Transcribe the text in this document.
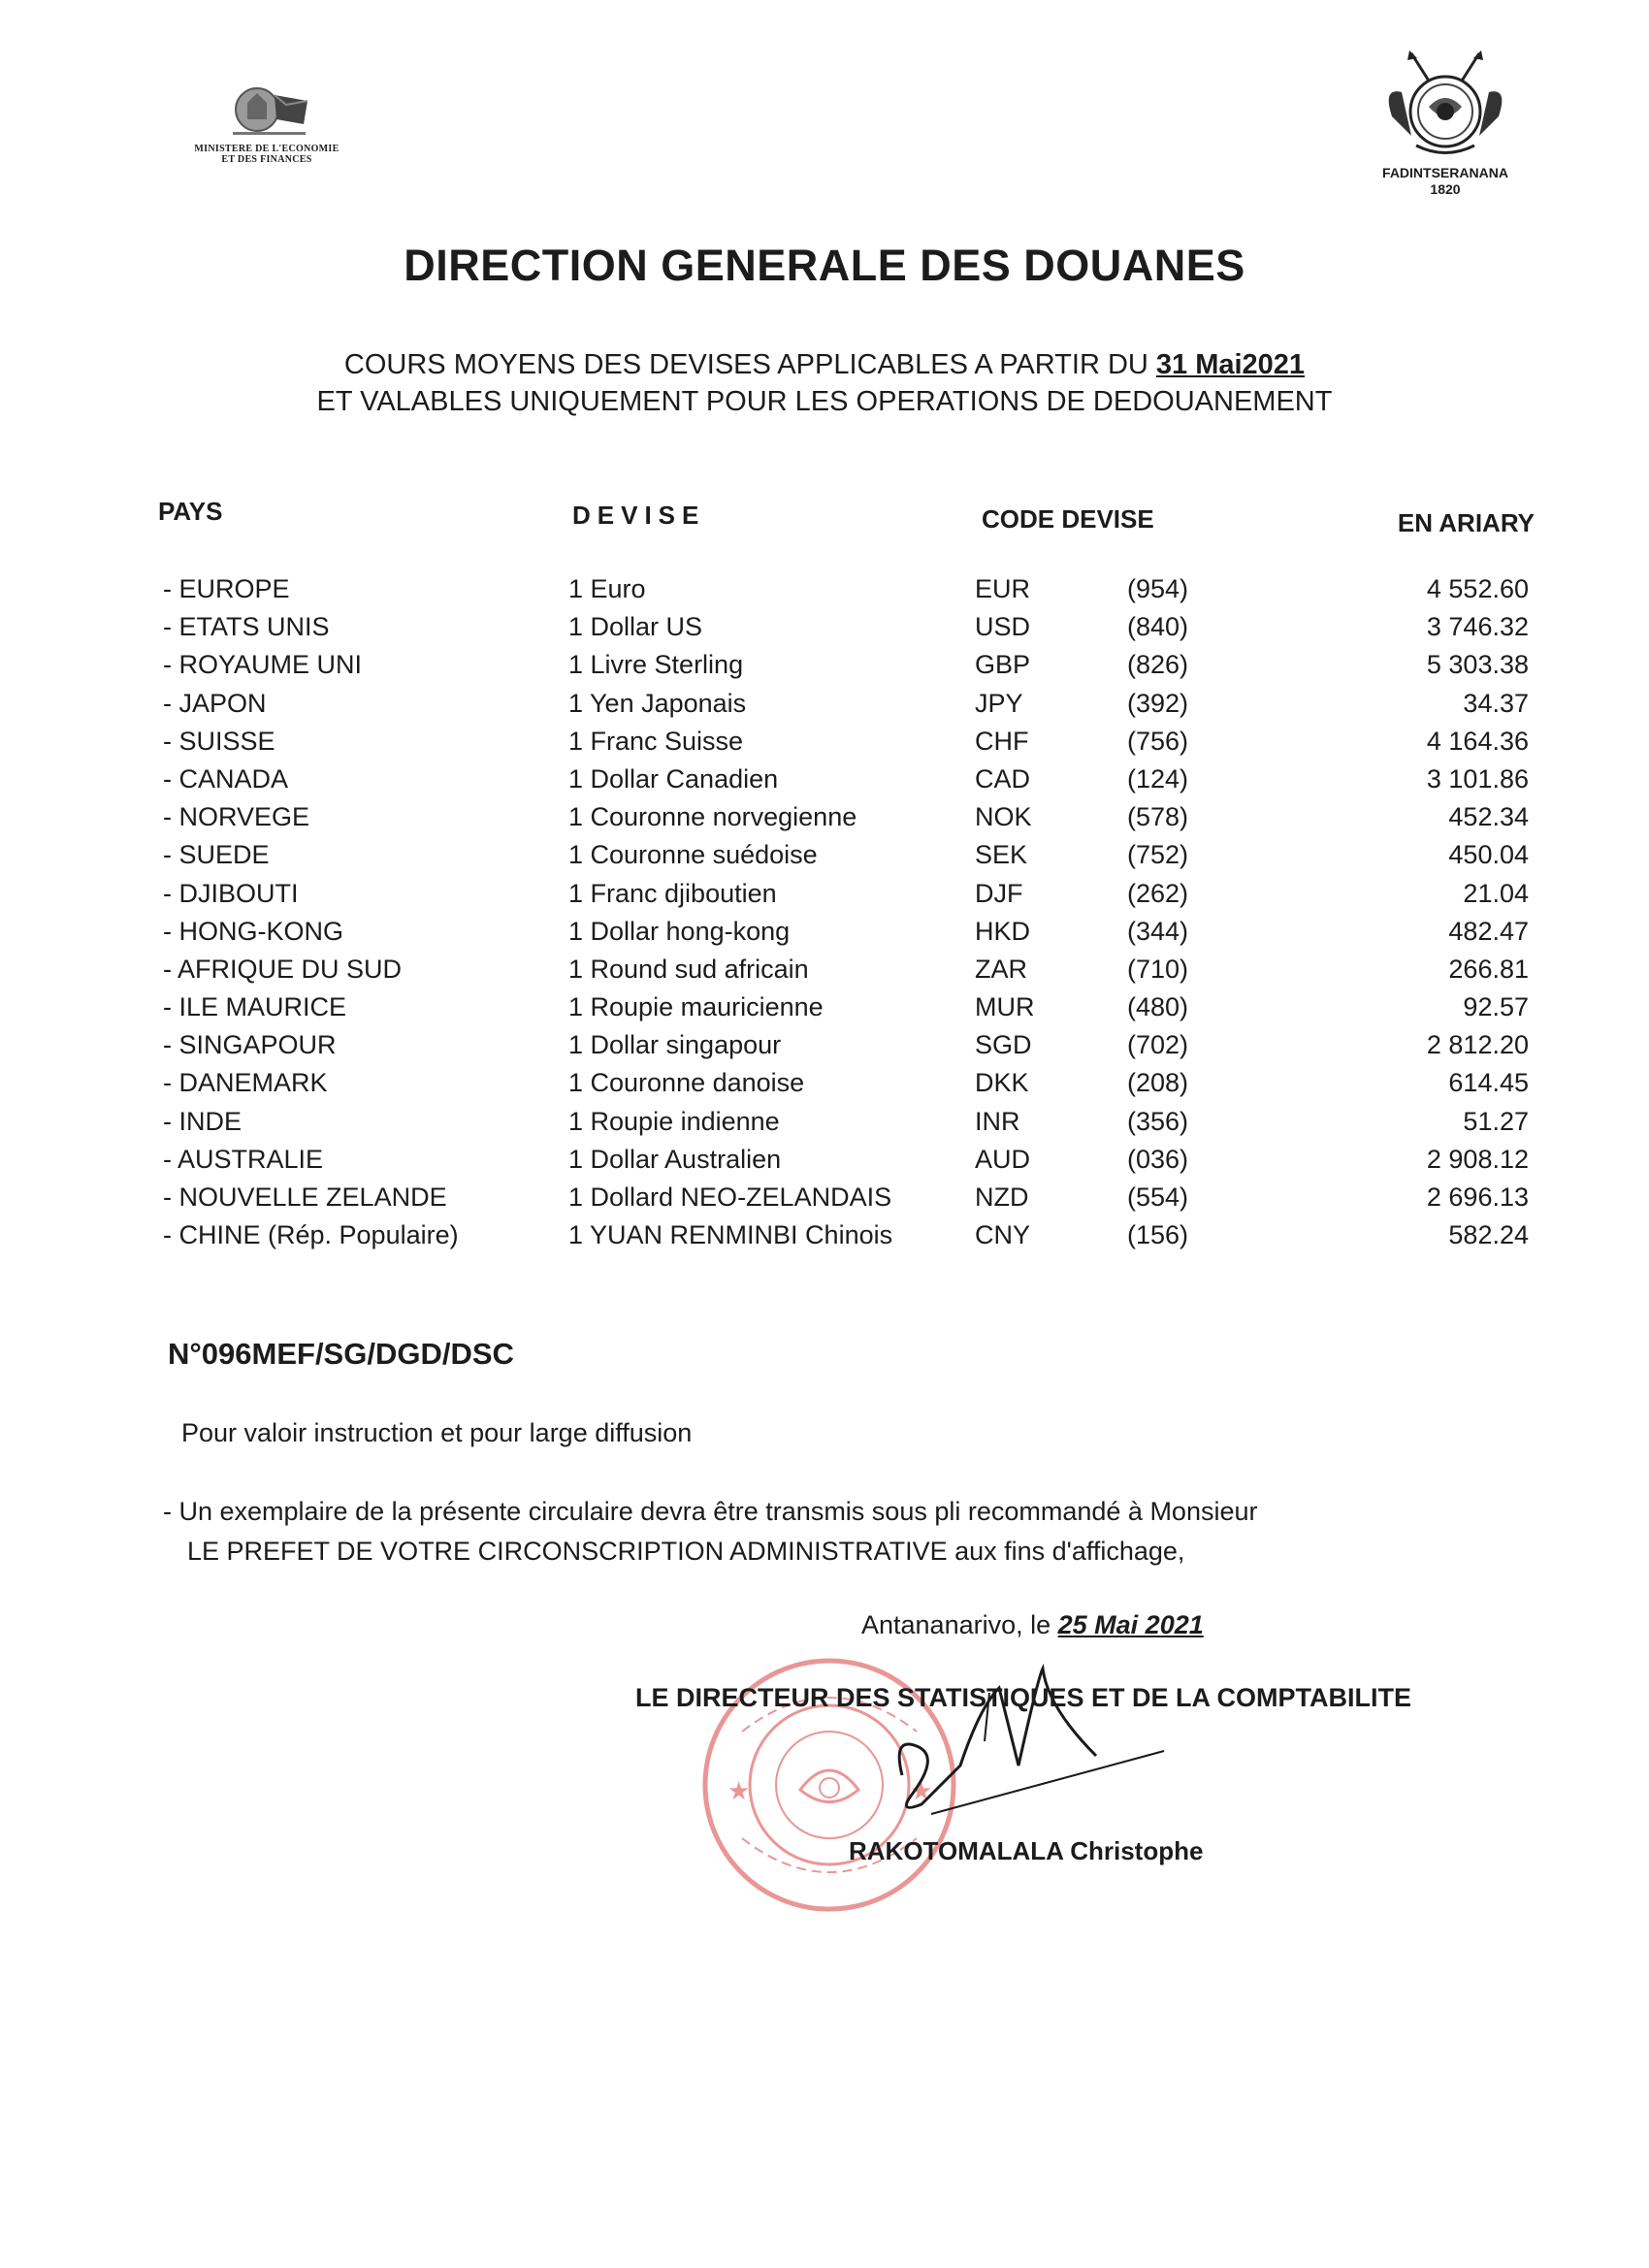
MINISTERE DE L'ECONOMIE
ET DES FINANCES
FADINTSERANANA
1820
DIRECTION GENERALE DES DOUANES
COURS MOYENS DES DEVISES APPLICABLES A PARTIR DU 31 Mai2021
ET VALABLES UNIQUEMENT POUR LES OPERATIONS DE DEDOUANEMENT
PAYS	DEVISE	CODE DEVISE	EN ARIARY
- EUROPE	1 Euro	EUR	(954)	4 552.60
- ETATS UNIS	1 Dollar US	USD	(840)	3 746.32
- ROYAUME UNI	1 Livre Sterling	GBP	(826)	5 303.38
- JAPON	1 Yen Japonais	JPY	(392)	34.37
- SUISSE	1 Franc Suisse	CHF	(756)	4 164.36
- CANADA	1 Dollar Canadien	CAD	(124)	3 101.86
- NORVEGE	1 Couronne norvegienne	NOK	(578)	452.34
- SUEDE	1 Couronne suédoise	SEK	(752)	450.04
- DJIBOUTI	1 Franc djiboutien	DJF	(262)	21.04
- HONG-KONG	1 Dollar hong-kong	HKD	(344)	482.47
- AFRIQUE DU SUD	1 Round sud africain	ZAR	(710)	266.81
- ILE MAURICE	1 Roupie mauricienne	MUR	(480)	92.57
- SINGAPOUR	1 Dollar singapour	SGD	(702)	2 812.20
- DANEMARK	1 Couronne danoise	DKK	(208)	614.45
- INDE	1 Roupie indienne	INR	(356)	51.27
- AUSTRALIE	1 Dollar Australien	AUD	(036)	2 908.12
- NOUVELLE ZELANDE	1 Dollard NEO-ZELANDAIS	NZD	(554)	2 696.13
- CHINE (Rép. Populaire)	1 YUAN RENMINBI Chinois	CNY	(156)	582.24
N°096MEF/SG/DGD/DSC
Pour valoir instruction et pour large diffusion
- Un exemplaire de la présente circulaire devra être transmis sous pli recommandé à Monsieur
LE PREFET DE VOTRE CIRCONSCRIPTION ADMINISTRATIVE aux fins d'affichage,
Antananarivo, le 25 Mai 2021
★	★
LE DIRECTEUR DES STATISTIQUES ET DE LA COMPTABILITE
RAKOTOMALALA Christophe
